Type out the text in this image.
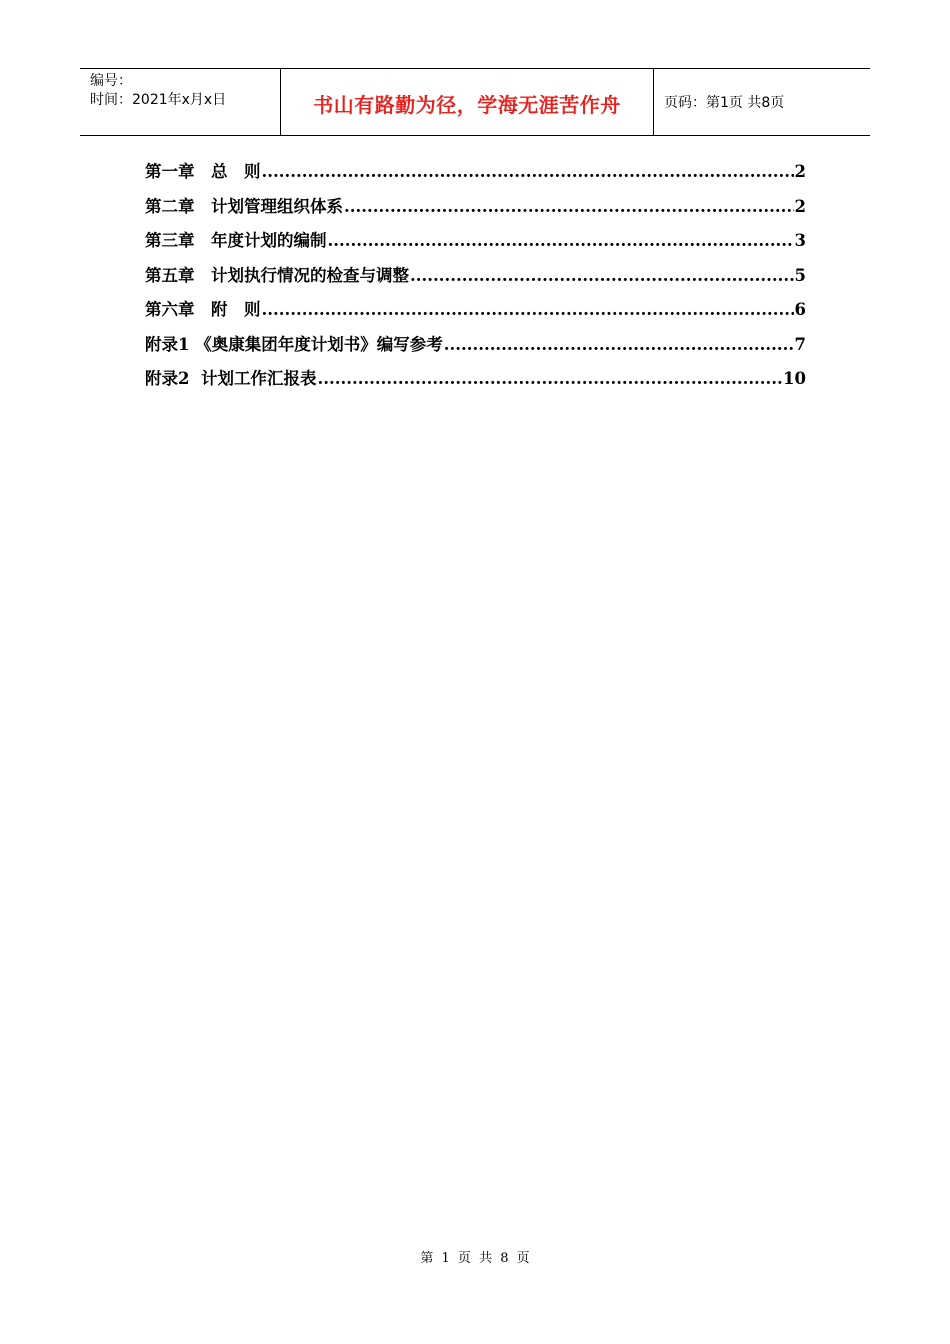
编号：
时间：2021年x月x日	书山有路勤为径，学海无涯苦作舟	页码：第1页 共8页
第一章　总　则 .....	2
第二章　计划管理组织体系 .....	2
第三章　年度计划的编制 .....	3
第五章　计划执行情况的检查与调整 .....	5
第六章　附　则 .....	6
附录1 《奥康集团年度计划书》编写参考 .....	7
附录2  计划工作汇报表 .....	10
第 1 页 共 8 页
